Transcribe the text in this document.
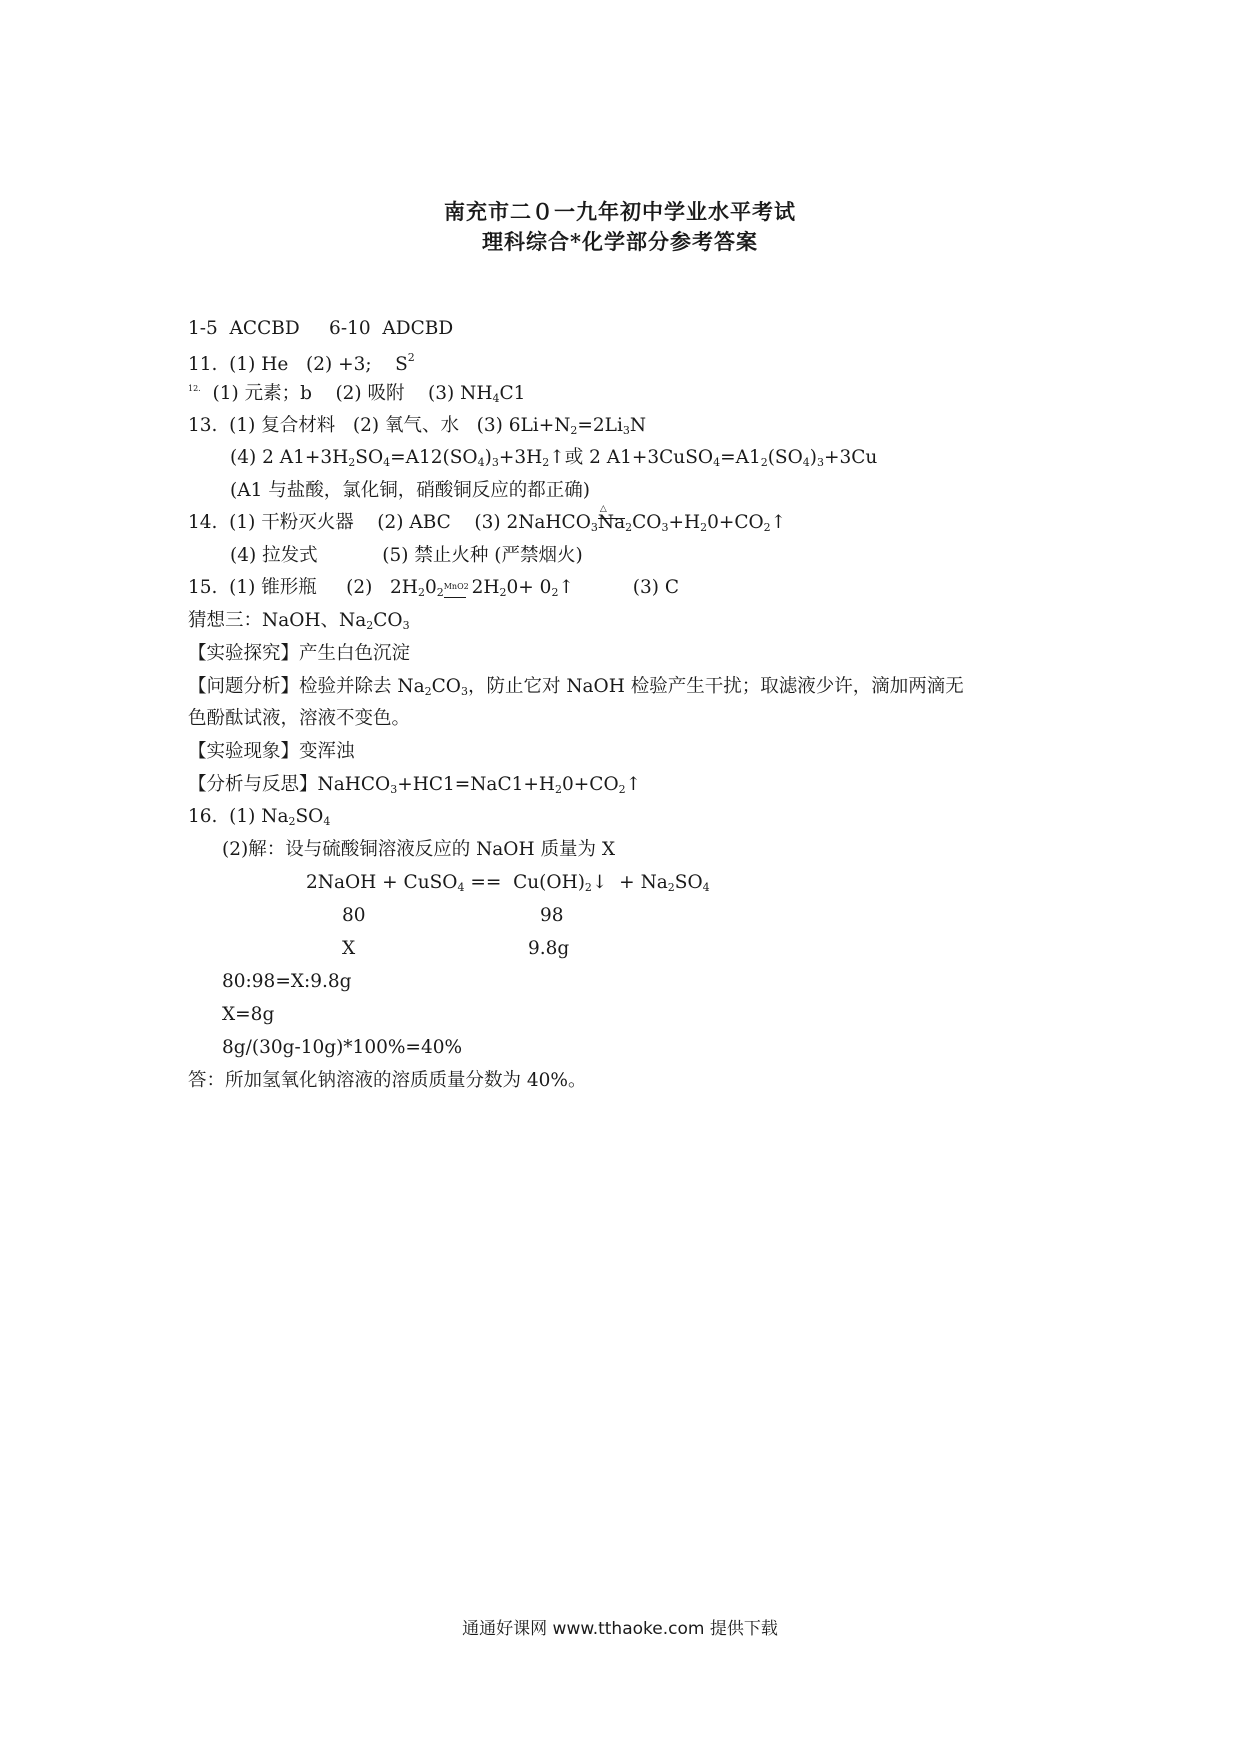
南充市二０一九年初中学业水平考试
理科综合*化学部分参考答案
1-5  ACCBD     6-10  ADCBD
11.  (1) He   (2) +3;    $S^2$
$^{12.}$  (1) 元素；b    (2) 吸附    (3) $NH_4C1$
13.  (1) 复合材料   (2) 氧气、水   (3) $6Li+N_2=2Li_3N$
(4) 2 $A1+3H_2SO_4=A12(SO_4)_3+3H_2↑$或 2 $A1+3CuSO_4=A1_2(SO_4)_3+3Cu$
(A1 与盐酸，氯化铜，硝酸铜反应的都正确)
14.  (1) 干粉灭火器    (2) ABC    (3) 2NaHCO$_3$
△
$Na_2CO_3+H_20+CO_2↑$
(4) 拉发式           (5) 禁止火种 (严禁烟火)
15.  (1) 锥形瓶     (2)   $2H_20_2$ MnO2
$2H_20+$ $0_2↑$          (3) C
猜想三：NaOH、$Na_2CO_3$
【实验探究】产生白色沉淀
【问题分析】检验并除去 $Na_2CO_3$，防止它对 NaOH 检验产生干扰；取滤液少许，滴加两滴无
色酚酞试液，溶液不变色。
【实验现象】变浑浊
【分析与反思】$NaHCO_3+HC1=NaC1+H_20+CO_2↑$
16.  (1) $Na_2SO_4$
(2)解：设与硫酸铜溶液反应的 NaOH 质量为 X
2NaOH + CuSO$_4$ ==  $Cu(OH)_2↓ + Na_2SO_4$
80	98
X	9.8g
80:98=X:9.8g
X=8g
8g/(30g-10g)*100%=40%
答：所加氢氧化钠溶液的溶质质量分数为 40%。
通通好课网 www.tthaoke.com 提供下载
